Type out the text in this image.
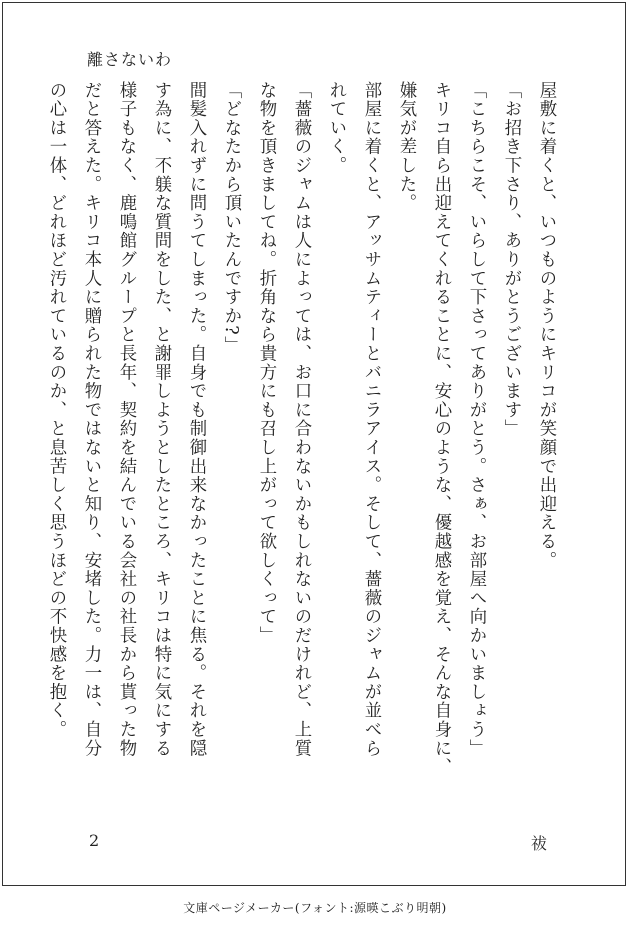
離さないわ
屋敷に着くと、いつものようにキリコが笑顔で出迎える。
「お招き下さり、ありがとうございます」
「こちらこそ、いらして下さってありがとう。さぁ、お部屋へ向かいましょう」
キリコ自ら出迎えてくれることに、安心のような、優越感を覚え、そんな自身に、
嫌気が差した。
部屋に着くと、アッサムティーとバニラアイス。そして、薔薇のジャムが並べら
れていく。
「薔薇のジャムは人によっては、お口に合わないかもしれないのだけれど、上質
な物を頂きましてね。折角なら貴方にも召し上がって欲しくって」
「どなたから頂いたんですか?」
間髪入れずに問うてしまった。自身でも制御出来なかったことに焦る。それを隠
す為に、不躾な質問をした、と謝罪しようとしたところ、キリコは特に気にする
様子もなく、鹿鳴館グループと長年、契約を結んでいる会社の社長から貰った物
だと答えた。キリコ本人に贈られた物ではないと知り、安堵した。力一は、自分
の心は一体、どれほど汚れているのか、と息苦しく思うほどの不快感を抱く。
2	祓
文庫ページメーカー(フォント:源暎こぶり明朝)
